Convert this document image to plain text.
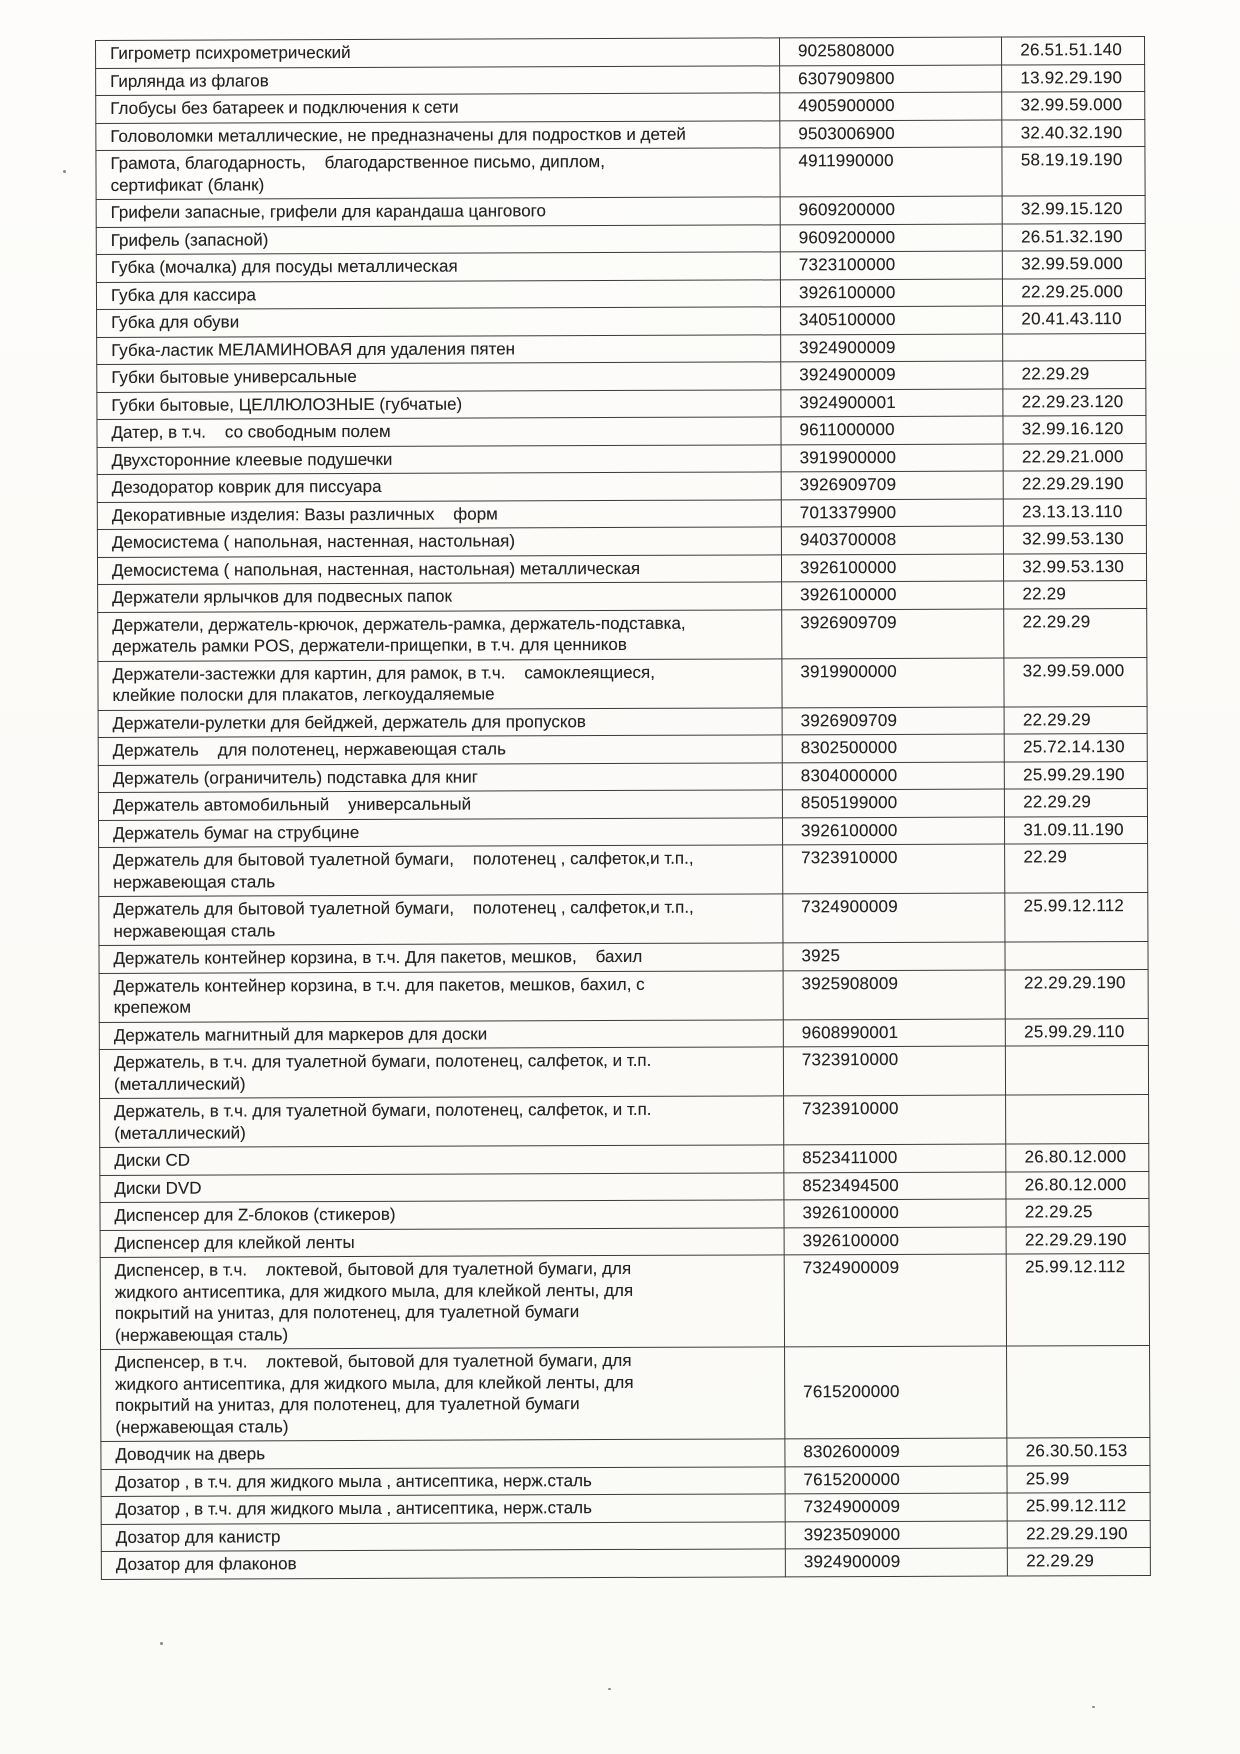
Гигрометр психрометрический	9025808000	26.51.51.140
Гирлянда из флагов	6307909800	13.92.29.190
Глобусы без батареек и подключения к сети	4905900000	32.99.59.000
Головоломки металлические, не предназначены для подростков и детей	9503006900	32.40.32.190
Грамота, благодарность,    благодарственное письмо, диплом,
сертификат (бланк)	4911990000	58.19.19.190
Грифели запасные, грифели для карандаша цангового	9609200000	32.99.15.120
Грифель (запасной)	9609200000	26.51.32.190
Губка (мочалка) для посуды металлическая	7323100000	32.99.59.000
Губка для кассира	3926100000	22.29.25.000
Губка для обуви	3405100000	20.41.43.110
Губка-ластик МЕЛАМИНОВАЯ для удаления пятен	3924900009	
Губки бытовые универсальные	3924900009	22.29.29
Губки бытовые, ЦЕЛЛЮЛОЗНЫЕ (губчатые)	3924900001	22.29.23.120
Датер, в т.ч.    со свободным полем	9611000000	32.99.16.120
Двухсторонние клеевые подушечки	3919900000	22.29.21.000
Дезодоратор коврик для писсуара	3926909709	22.29.29.190
Декоративные изделия: Вазы различных    форм	7013379900	23.13.13.110
Демосистема ( напольная, настенная, настольная)	9403700008	32.99.53.130
Демосистема ( напольная, настенная, настольная) металлическая	3926100000	32.99.53.130
Держатели ярлычков для подвесных папок	3926100000	22.29
Держатели, держатель-крючок, держатель-рамка, держатель-подставка,
держатель рамки POS, держатели-прищепки, в т.ч. для ценников	3926909709	22.29.29
Держатели-застежки для картин, для рамок, в т.ч.    самоклеящиеся,
клейкие полоски для плакатов, легкоудаляемые	3919900000	32.99.59.000
Держатели-рулетки для бейджей, держатель для пропусков	3926909709	22.29.29
Держатель    для полотенец, нержавеющая сталь	8302500000	25.72.14.130
Держатель (ограничитель) подставка для книг	8304000000	25.99.29.190
Держатель автомобильный    универсальный	8505199000	22.29.29
Держатель бумаг на струбцине	3926100000	31.09.11.190
Держатель для бытовой туалетной бумаги,    полотенец , салфеток,и т.п.,
нержавеющая сталь	7323910000	22.29
Держатель для бытовой туалетной бумаги,    полотенец , салфеток,и т.п.,
нержавеющая сталь	7324900009	25.99.12.112
Держатель контейнер корзина, в т.ч. Для пакетов, мешков,    бахил	3925	
Держатель контейнер корзина, в т.ч. для пакетов, мешков, бахил, с
крепежом	3925908009	22.29.29.190
Держатель магнитный для маркеров для доски	9608990001	25.99.29.110
Держатель, в т.ч. для туалетной бумаги, полотенец, салфеток, и т.п.
(металлический)	7323910000	
Держатель, в т.ч. для туалетной бумаги, полотенец, салфеток, и т.п.
(металлический)	7323910000	
Диски CD	8523411000	26.80.12.000
Диски DVD	8523494500	26.80.12.000
Диспенсер для Z-блоков (стикеров)	3926100000	22.29.25
Диспенсер для клейкой ленты	3926100000	22.29.29.190
Диспенсер, в т.ч.    локтевой, бытовой для туалетной бумаги, для
жидкого антисептика, для жидкого мыла, для клейкой ленты, для
покрытий на унитаз, для полотенец, для туалетной бумаги
(нержавеющая сталь)	7324900009	25.99.12.112
Диспенсер, в т.ч.    локтевой, бытовой для туалетной бумаги, для
жидкого антисептика, для жидкого мыла, для клейкой ленты, для
покрытий на унитаз, для полотенец, для туалетной бумаги
(нержавеющая сталь)	7615200000	
Доводчик на дверь	8302600009	26.30.50.153
Дозатор , в т.ч. для жидкого мыла , антисептика, нерж.сталь	7615200000	25.99
Дозатор , в т.ч. для жидкого мыла , антисептика, нерж.сталь	7324900009	25.99.12.112
Дозатор для канистр	3923509000	22.29.29.190
Дозатор для флаконов	3924900009	22.29.29
